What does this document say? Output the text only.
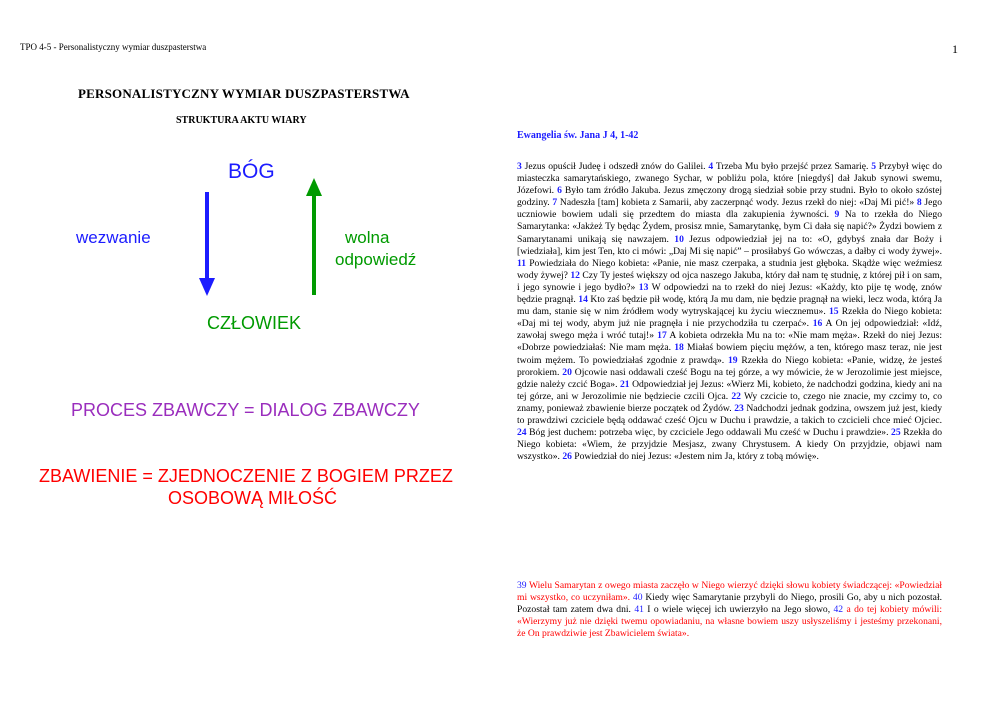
TPO 4-5 - Personalistyczny wymiar duszpasterstwa	1
PERSONALISTYCZNY WYMIAR DUSZPASTERSTWA
STRUKTURA AKTU WIARY
BÓG
wezwanie	wolna
odpowiedź
CZŁOWIEK
PROCES ZBAWCZY = DIALOG ZBAWCZY
ZBAWIENIE = ZJEDNOCZENIE Z BOGIEM PRZEZ
OSOBOWĄ MIŁOŚĆ
Ewangelia św. Jana J 4, 1-42
3 Jezus opuścił Judeę i odszedł znów do Galilei. 4 Trzeba Mu było przejść przez Samarię. 5 Przybył więc do miasteczka samarytańskiego, zwanego Sychar, w pobliżu pola, które [niegdyś] dał Jakub synowi swemu, Józefowi. 6 Było tam źródło Jakuba. Jezus zmęczony drogą siedział sobie przy studni. Było to około szóstej godziny. 7 Nadeszła [tam] kobieta z Samarii, aby zaczerpnąć wody. Jezus rzekł do niej: «Daj Mi pić!» 8 Jego uczniowie bowiem udali się przedtem do miasta dla zakupienia żywności. 9 Na to rzekła do Niego Samarytanka: «Jakżeż Ty będąc Żydem, prosisz mnie, Samarytankę, bym Ci dała się napić?» Żydzi bowiem z Samarytanami unikają się nawzajem. 10 Jezus odpowiedział jej na to: «O, gdybyś znała dar Boży i [wiedziała], kim jest Ten, kto ci mówi: „Daj Mi się napić” – prosiłabyś Go wówczas, a dałby ci wody żywej». 11 Powiedziała do Niego kobieta: «Panie, nie masz czerpaka, a studnia jest głęboka. Skądże więc weźmiesz wody żywej? 12 Czy Ty jesteś większy od ojca naszego Jakuba, który dał nam tę studnię, z której pił i on sam, i jego synowie i jego bydło?» 13 W odpowiedzi na to rzekł do niej Jezus: «Każdy, kto pije tę wodę, znów będzie pragnął. 14 Kto zaś będzie pił wodę, którą Ja mu dam, nie będzie pragnął na wieki, lecz woda, którą Ja mu dam, stanie się w nim źródłem wody wytryskającej ku życiu wiecznemu». 15 Rzekła do Niego kobieta: «Daj mi tej wody, abym już nie pragnęła i nie przychodziła tu czerpać». 16 A On jej odpowiedział: «Idź, zawołaj swego męża i wróć tutaj!» 17 A kobieta odrzekła Mu na to: «Nie mam męża». Rzekł do niej Jezus: «Dobrze powiedziałaś: Nie mam męża. 18 Miałaś bowiem pięciu mężów, a ten, którego masz teraz, nie jest twoim mężem. To powiedziałaś zgodnie z prawdą». 19 Rzekła do Niego kobieta: «Panie, widzę, że jesteś prorokiem. 20 Ojcowie nasi oddawali cześć Bogu na tej górze, a wy mówicie, że w Jerozolimie jest miejsce, gdzie należy czcić Boga». 21 Odpowiedział jej Jezus: «Wierz Mi, kobieto, że nadchodzi godzina, kiedy ani na tej górze, ani w Jerozolimie nie będziecie czcili Ojca. 22 Wy czcicie to, czego nie znacie, my czcimy to, co znamy, ponieważ zbawienie bierze początek od Żydów. 23 Nadchodzi jednak godzina, owszem już jest, kiedy to prawdziwi czciciele będą oddawać cześć Ojcu w Duchu i prawdzie, a takich to czcicieli chce mieć Ojciec. 24 Bóg jest duchem: potrzeba więc, by czciciele Jego oddawali Mu cześć w Duchu i prawdzie». 25 Rzekła do Niego kobieta: «Wiem, że przyjdzie Mesjasz, zwany Chrystusem. A kiedy On przyjdzie, objawi nam wszystko». 26 Powiedział do niej Jezus: «Jestem nim Ja, który z tobą mówię».
39 Wielu Samarytan z owego miasta zaczęło w Niego wierzyć dzięki słowu kobiety świadczącej: «Powiedział mi wszystko, co uczyniłam». 40 Kiedy więc Samarytanie przybyli do Niego, prosili Go, aby u nich pozostał. Pozostał tam zatem dwa dni. 41 I o wiele więcej ich uwierzyło na Jego słowo, 42 a do tej kobiety mówili: «Wierzymy już nie dzięki twemu opowiadaniu, na własne bowiem uszy usłyszeliśmy i jesteśmy przekonani, że On prawdziwie jest Zbawicielem świata».
